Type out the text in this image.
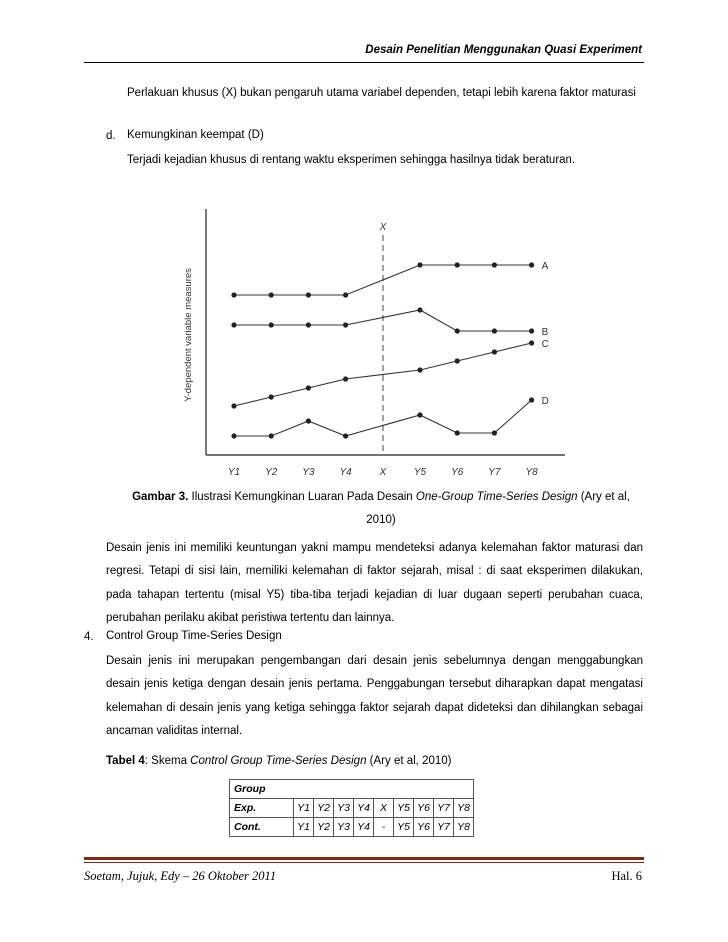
Desain Penelitian Menggunakan Quasi Experiment
Perlakuan khusus (X) bukan pengaruh utama variabel dependen, tetapi lebih karena faktor maturasi
d. Kemungkinan keempat (D)
Terjadi kejadian khusus di rentang waktu eksperimen sehingga hasilnya tidak beraturan.
Y-dependent variable measures
X
A
B
C
D
Y1 Y2 Y3 Y4	X	Y5 Y6 Y7 Y8
Gambar 3. Ilustrasi Kemungkinan Luaran Pada Desain One-Group Time-Series Design (Ary et al,
2010)
Desain jenis ini memiliki keuntungan yakni mampu mendeteksi adanya kelemahan faktor maturasi dan regresi. Tetapi di sisi lain, memiliki kelemahan di faktor sejarah, misal : di saat eksperimen dilakukan, pada tahapan tertentu (misal Y5) tiba-tiba terjadi kejadian di luar dugaan seperti perubahan cuaca, perubahan perilaku akibat peristiwa tertentu dan lainnya.
4. Control Group Time-Series Design
Desain jenis ini merupakan pengembangan dari desain jenis sebelumnya dengan menggabungkan desain jenis ketiga dengan desain jenis pertama. Penggabungan tersebut diharapkan dapat mengatasi kelemahan di desain jenis yang ketiga sehingga faktor sejarah dapat dideteksi dan dihilangkan sebagai ancaman validitas internal.
Tabel 4: Skema Control Group Time-Series Design (Ary et al, 2010)
Group									
Exp.	Y1	Y2	Y3	Y4	X	Y5	Y6	Y7	Y8
Cont.	Y1	Y2	Y3	Y4	-	Y5	Y6	Y7	Y8
Soetam, Jujuk, Edy – 26 Oktober 2011	Hal. 6
